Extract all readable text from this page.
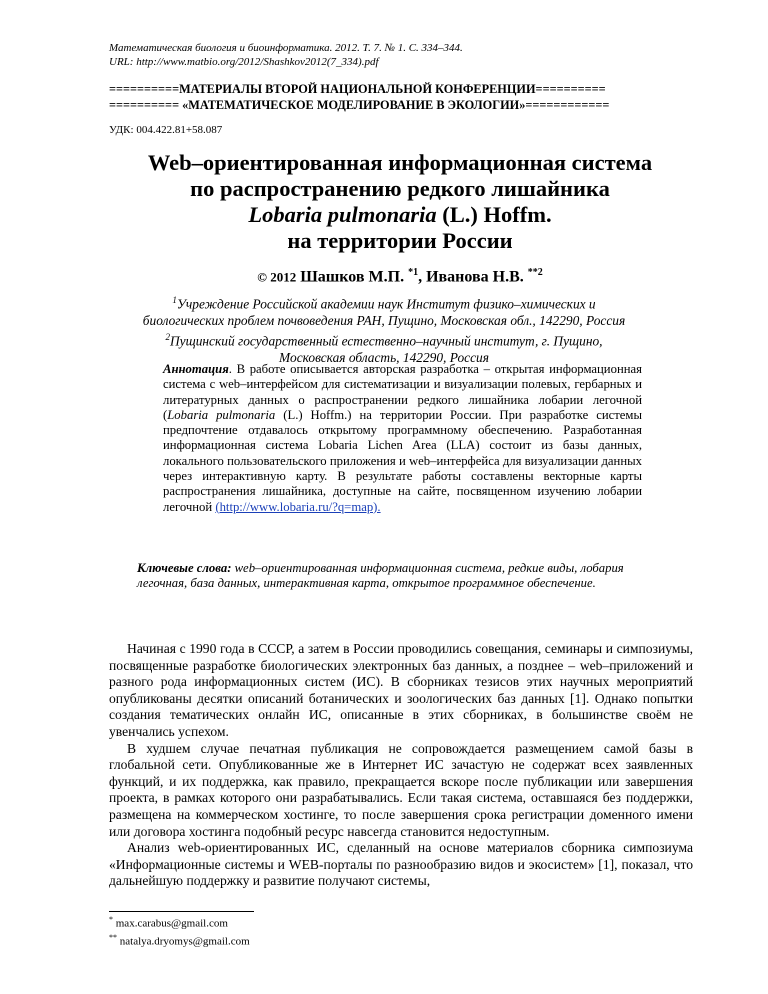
Математическая биология и биоинформатика. 2012. Т. 7. № 1. С. 334–344.
URL: http://www.matbio.org/2012/Shashkov2012(7_334).pdf
==========МАТЕРИАЛЫ ВТОРОЙ НАЦИОНАЛЬНОЙ КОНФЕРЕНЦИИ==========
========== «МАТЕМАТИЧЕСКОЕ МОДЕЛИРОВАНИЕ В ЭКОЛОГИИ»============
УДК: 004.422.81+58.087
Web–ориентированная информационная система
по распространению редкого лишайника
Lobaria pulmonaria (L.) Hoffm.
на территории России
© 2012 Шашков М.П. $^{*1}$, Иванова Н.В. $^{**2}$
$^1$Учреждение Российской академии наук Институт физико–химических и
биологических проблем почвоведения РАН, Пущино, Московская обл., 142290, Россия
$^2$Пущинский государственный естественно–научный институт, г. Пущино,
Московская область, 142290, Россия
Аннотация. В работе описывается авторская разработка – открытая информационная система с web–интерфейсом для систематизации и визуализации полевых, гербарных и литературных данных о распространении редкого лишайника лобарии легочной (Lobaria pulmonaria (L.) Hoffm.) на территории России. При разработке системы предпочтение отдавалось открытому программному обеспечению. Разработанная информационная система Lobaria Lichen Area (LLA) состоит из базы данных, локального пользовательского приложения и web–интерфейса для визуализации данных через интерактивную карту. В результате работы составлены векторные карты распространения лишайника, доступные на сайте, посвященном изучению лобарии легочной (http://www.lobaria.ru/?q=map).
Ключевые слова: web–ориентированная информационная система, редкие виды, лобария легочная, база данных, интерактивная карта, открытое программное обеспечение.

Начиная с 1990 года в СССР, а затем в России проводились совещания, семинары и симпозиумы, посвященные разработке биологических электронных баз данных, а позднее – web–приложений и разного рода информационных систем (ИС). В сборниках тезисов этих научных мероприятий опубликованы десятки описаний ботанических и зоологических баз данных [1]. Однако попытки создания тематических онлайн ИС, описанные в этих сборниках, в большинстве своём не увенчались успехом.

В худшем случае печатная публикация не сопровождается размещением самой базы в глобальной сети. Опубликованные же в Интернет ИС зачастую не содержат всех заявленных функций, и их поддержка, как правило, прекращается вскоре после публикации или завершения проекта, в рамках которого они разрабатывались. Если такая система, оставшаяся без поддержки, размещена на коммерческом хостинге, то после завершения срока регистрации доменного имени или договора хостинга подобный ресурс навсегда становится недоступным.

Анализ web-ориентированных ИС, сделанный на основе материалов сборника симпозиума «Информационные системы и WEB-порталы по разнообразию видов и экосистем» [1], показал, что дальнейшую поддержку и развитие получают системы,

* max.carabus@gmail.com
** natalya.dryomys@gmail.com
